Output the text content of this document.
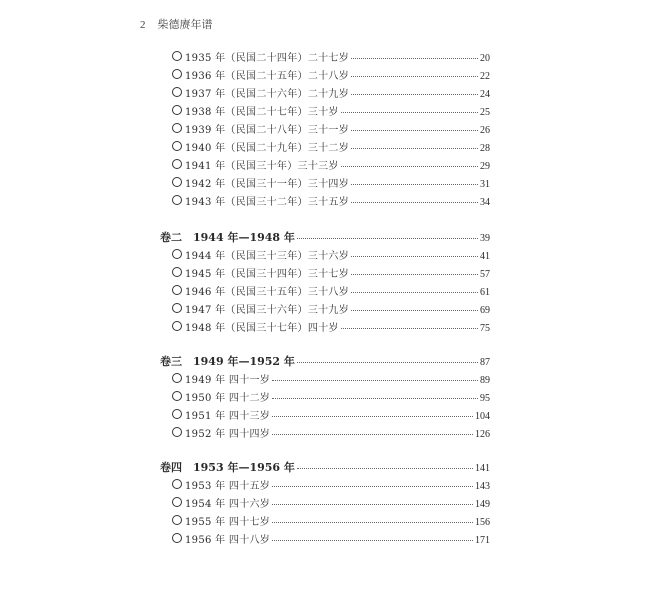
2 柴德赓年谱
1935 年（民国二十四年）二十七岁	20
1936 年（民国二十五年）二十八岁	22
1937 年（民国二十六年）二十九岁	24
1938 年（民国二十七年）三十岁	25
1939 年（民国二十八年）三十一岁	26
1940 年（民国二十九年）三十二岁	28
1941 年（民国三十年）三十三岁	29
1942 年（民国三十一年）三十四岁	31
1943 年（民国三十二年）三十五岁	34
卷二　1944 年—1948 年	39
1944 年（民国三十三年）三十六岁	41
1945 年（民国三十四年）三十七岁	57
1946 年（民国三十五年）三十八岁	61
1947 年（民国三十六年）三十九岁	69
1948 年（民国三十七年）四十岁	75
卷三　1949 年—1952 年	87
1949 年 四十一岁	89
1950 年 四十二岁	95
1951 年 四十三岁	104
1952 年 四十四岁	126
卷四　1953 年—1956 年	141
1953 年 四十五岁	143
1954 年 四十六岁	149
1955 年 四十七岁	156
1956 年 四十八岁	171
